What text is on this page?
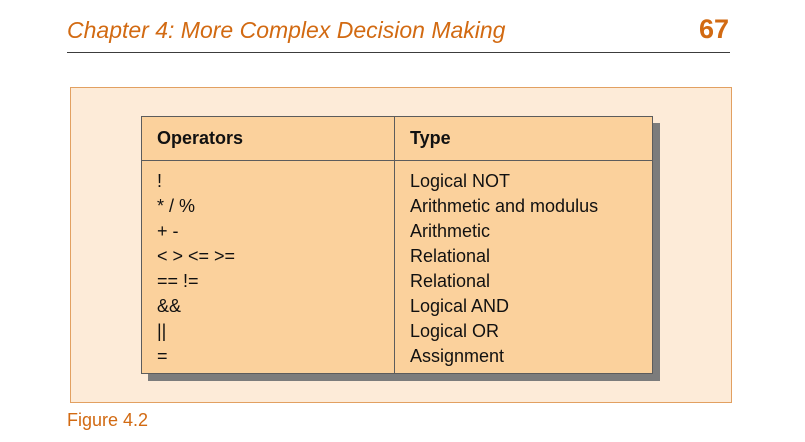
Chapter 4: More Complex Decision Making	67
Operators	Type
!	Logical NOT
* / %	Arithmetic and modulus
+ -	Arithmetic
< > <= >=	Relational
== !=	Relational
&&	Logical AND
||	Logical OR
=	Assignment
Figure 4.2
